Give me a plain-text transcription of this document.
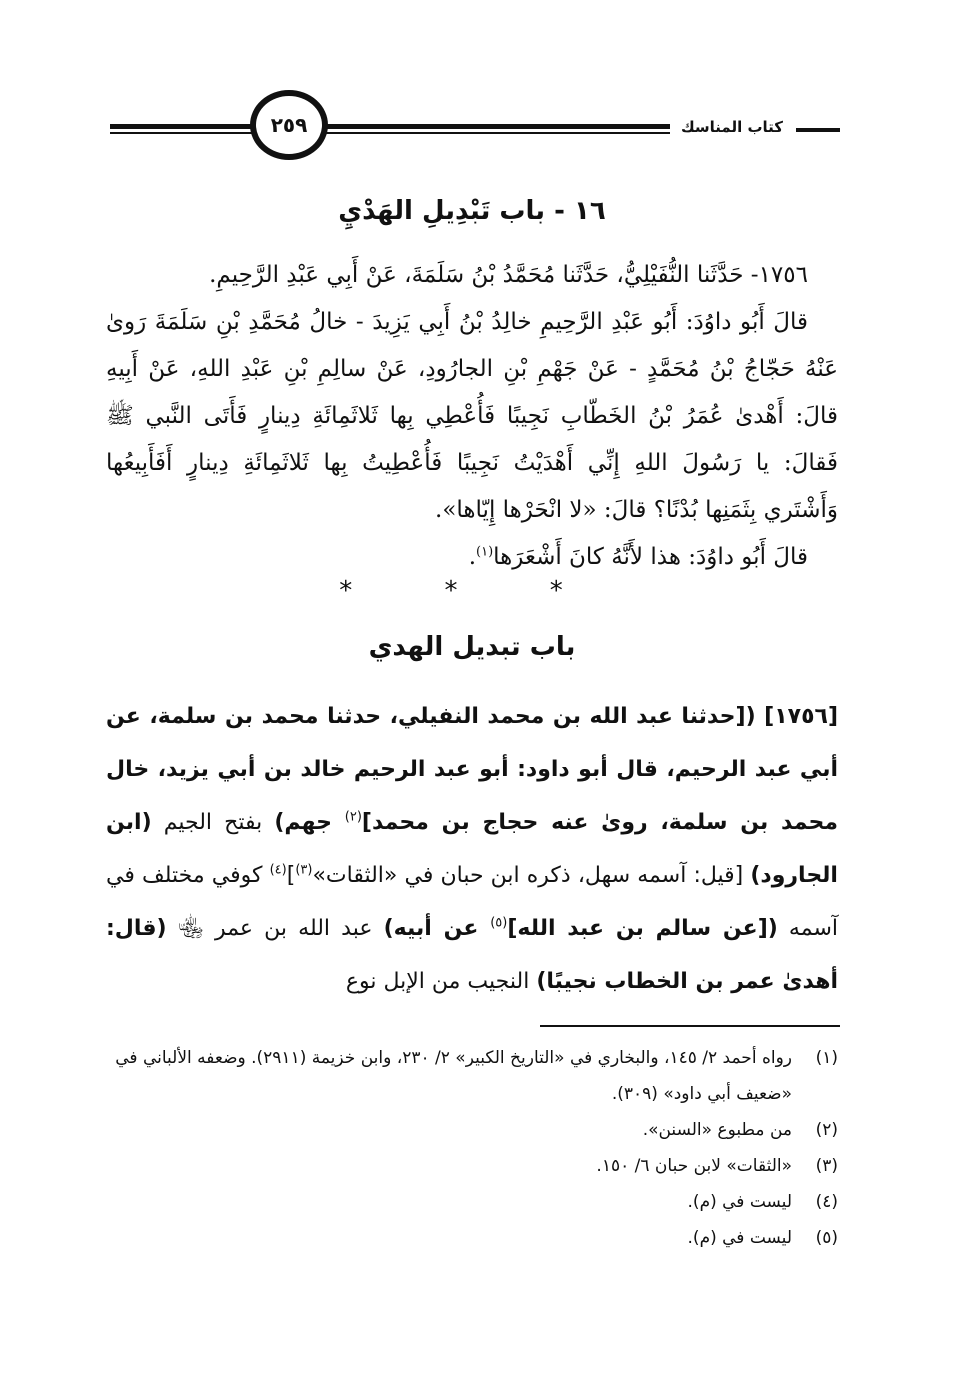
٢٥٩	كتاب المناسك
١٦ - باب تَبْدِيلِ الهَدْيِ

١٧٥٦- حَدَّثَنا النُّفَيْلِيُّ، حَدَّثَنا مُحَمَّدُ بْنُ سَلَمَةَ، عَنْ أَبِي عَبْدِ الرَّحِيمِ.

قالَ أَبُو داوُدَ: أَبُو عَبْدِ الرَّحِيمِ خالِدُ بْنُ أَبِي يَزِيدَ - خالُ مُحَمَّدِ بْنِ سَلَمَةَ رَوىٰ عَنْهُ حَجّاجُ بْنُ مُحَمَّدٍ - عَنْ جَهْمِ بْنِ الجارُودِ، عَنْ سالِمِ بْنِ عَبْدِ اللهِ، عَنْ أَبِيهِ قالَ: أَهْدىٰ عُمَرُ بْنُ الخَطّابِ نَجِيبًا فَأُعْطِي بِها ثَلاثَمِائَةِ دِينارٍ فَأَتَى النَّبي ﷺ فَقالَ: يا رَسُولَ اللهِ إِنِّي أَهْدَيْتُ نَجِيبًا فَأُعْطِيتُ بِها ثَلاثَمِائَةِ دِينارٍ أَفَأَبِيعُها وَأَشْتَري بِثَمَنِها بُدْنًا؟ قالَ: «لا انْحَرْها إِيّاها».

قالَ أَبُو داوُدَ: هذا لأَنَّهُ كانَ أَشْعَرَها$^{(١)}$.

* * *
باب تبديل الهدي

[١٧٥٦] ([حدثنا عبد الله بن محمد النفيلي، حدثنا محمد بن سلمة، عن أبي عبد الرحيم، قال أبو داود: أبو عبد الرحيم خالد بن أبي يزيد، خال محمد بن سلمة، روىٰ عنه حجاج بن محمد]$^{(٢)}$ جهم) بفتح الجيم (ابن الجارود) [قيل: آسمه سهل، ذكره ابن حبان في «الثقات»$^{(٣)}$]$^{(٤)}$ كوفي مختلف في آسمه ([عن سالم بن عبد الله]$^{(٥)}$ عن أبيه) عبد الله بن عمر ﵄ (قال: أهدىٰ عمر بن الخطاب نجيبًا) النجيب من الإبل نوع

(١)
رواه أحمد ٢/ ١٤٥، والبخاري في «التاريخ الكبير» ٢/ ٢٣٠، وابن خزيمة (٢٩١١). وضعفه الألباني في «ضعيف أبي داود» (٣٠٩).
(٢)
من مطبوع «السنن».
(٣)
«الثقات» لابن حبان ٦/ ١٥٠.
(٤)
ليست في (م).
(٥)
ليست في (م).
